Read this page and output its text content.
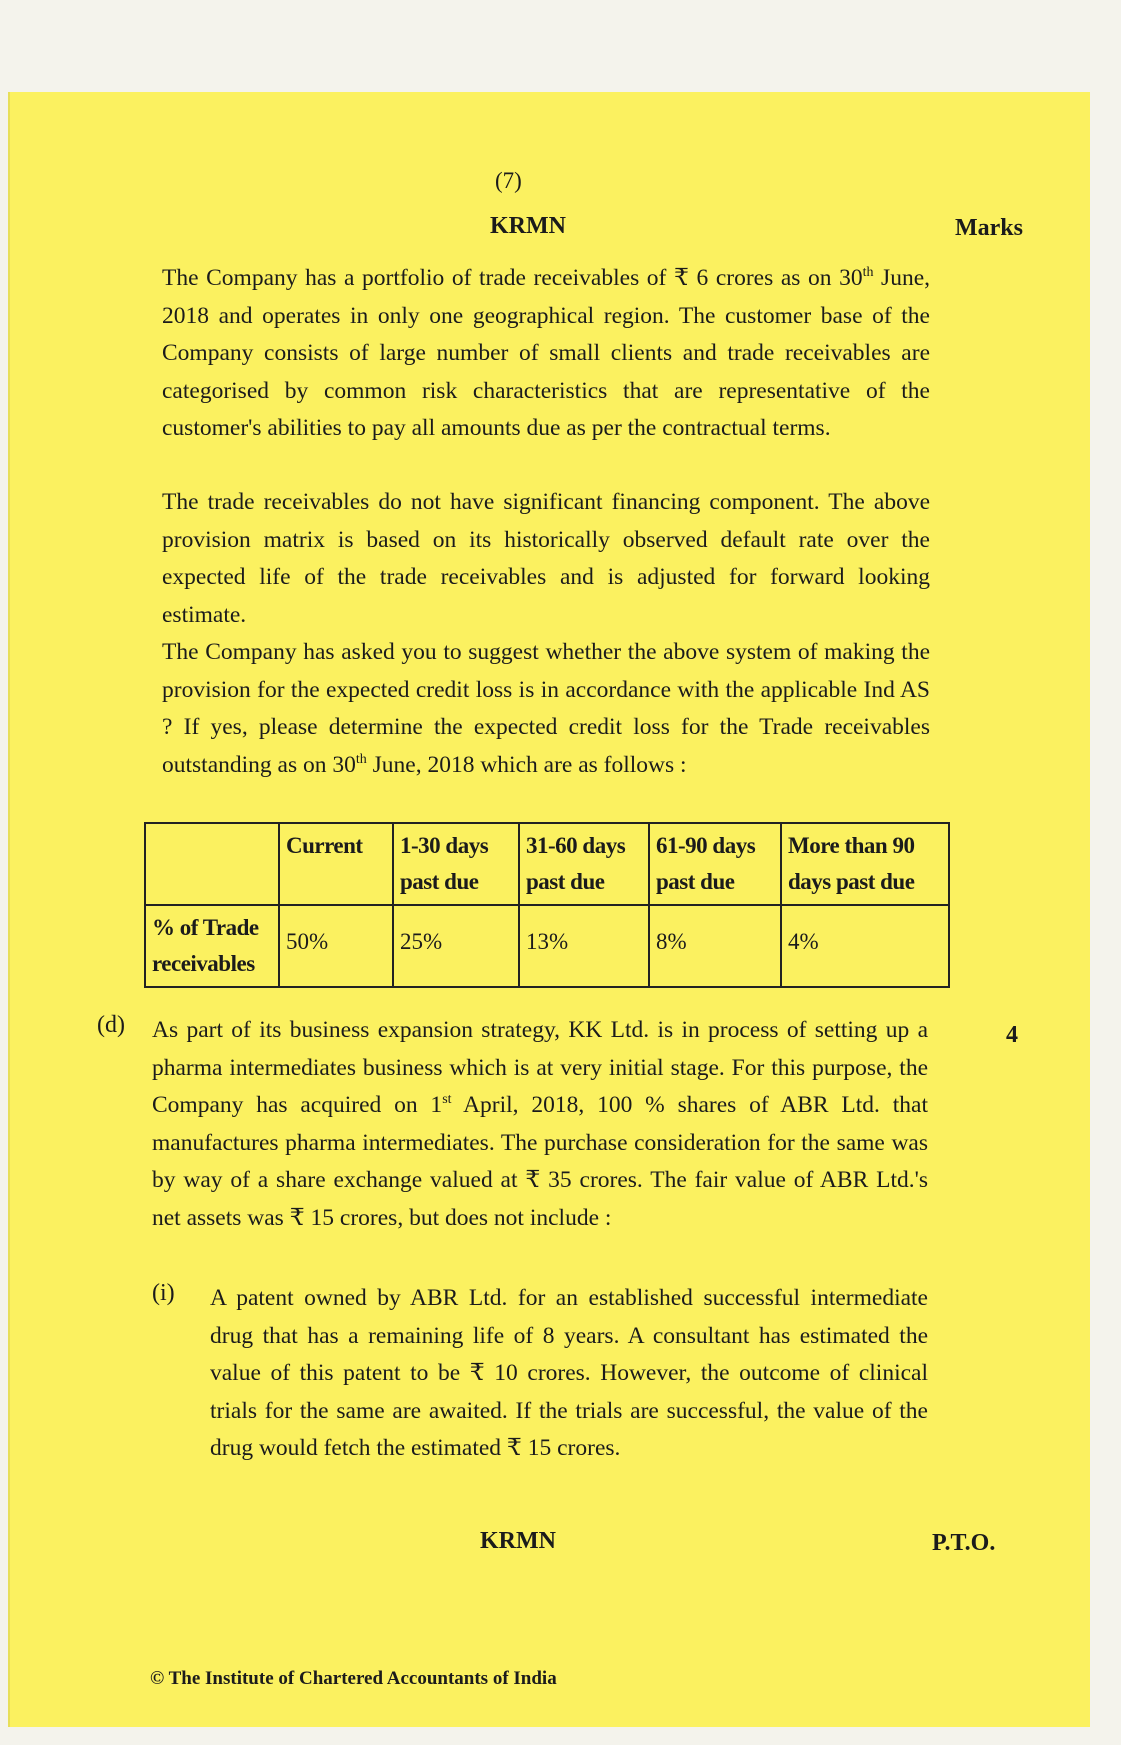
(7)
KRMN	Marks
The Company has a portfolio of trade receivables of ₹ 6 crores as on 30th June, 2018 and operates in only one geographical region. The customer base of the Company consists of large number of small clients and trade receivables are categorised by common risk characteristics that are representative of the customer's abilities to pay all amounts due as per the contractual terms.
The trade receivables do not have significant financing component. The above provision matrix is based on its historically observed default rate over the expected life of the trade receivables and is adjusted for forward looking estimate.
The Company has asked you to suggest whether the above system of making the provision for the expected credit loss is in accordance with the applicable Ind AS ? If yes, please determine the expected credit loss for the Trade receivables outstanding as on 30th June, 2018 which are as follows :
	Current	1-30 days past due	31-60 days past due	61-90 days past due	More than 90 days past due
% of Trade receivables	50%	25%	13%	8%	4%
(d)	4
As part of its business expansion strategy, KK Ltd. is in process of setting up a pharma intermediates business which is at very initial stage. For this purpose, the Company has acquired on 1st April, 2018, 100 % shares of ABR Ltd. that manufactures pharma intermediates. The purchase consideration for the same was by way of a share exchange valued at ₹ 35 crores. The fair value of ABR Ltd.'s net assets was ₹ 15 crores, but does not include :
(i) A patent owned by ABR Ltd. for an established successful intermediate drug that has a remaining life of 8 years. A consultant has estimated the value of this patent to be ₹ 10 crores. However, the outcome of clinical trials for the same are awaited. If the trials are successful, the value of the drug would fetch the estimated ₹ 15 crores.
KRMN	P.T.O.
© The Institute of Chartered Accountants of India
